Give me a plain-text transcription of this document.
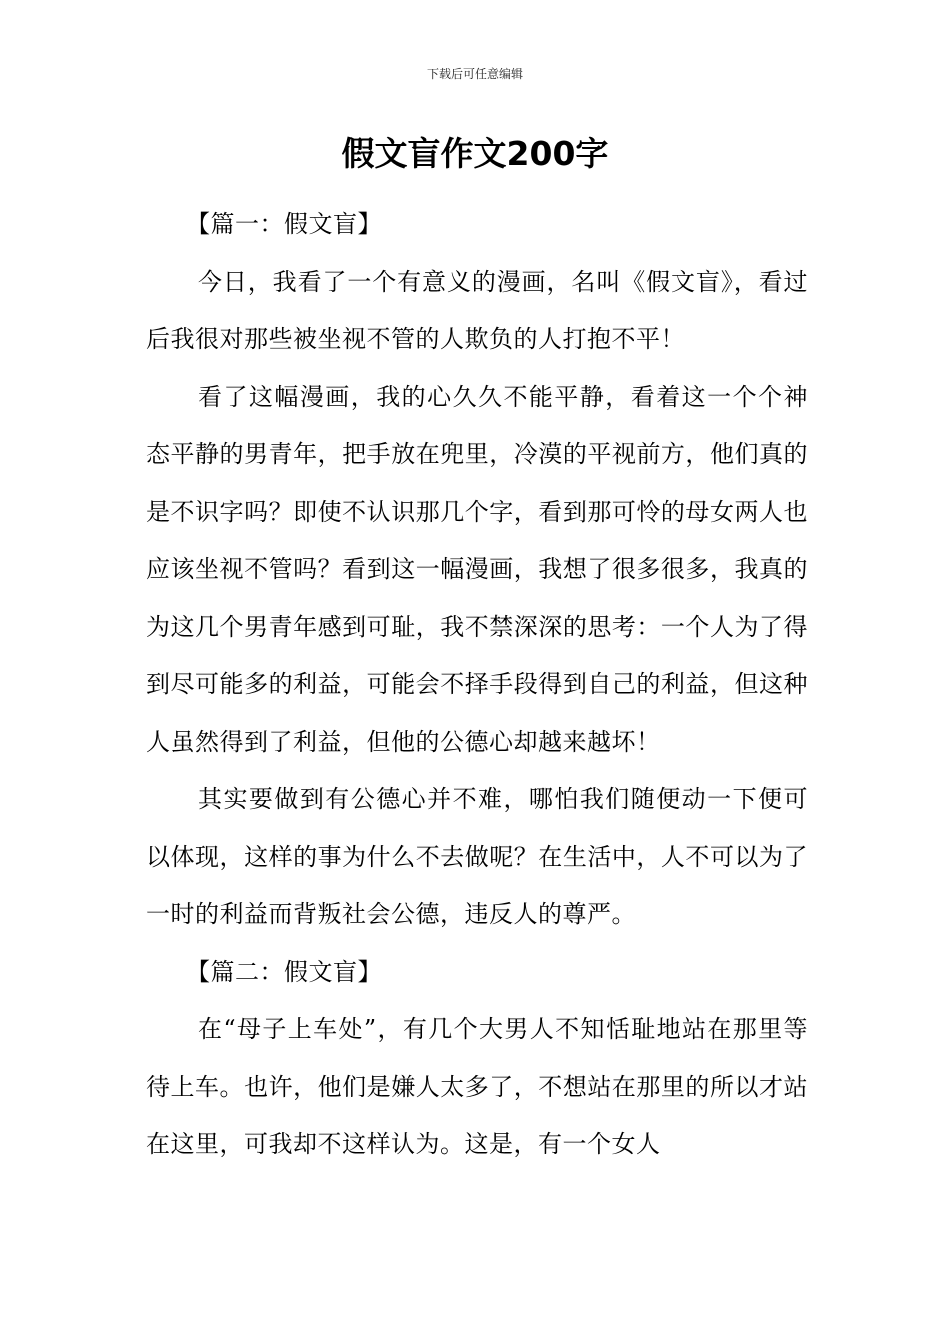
下载后可任意编辑
假文盲作文200字

【篇一：假文盲】

今日，我看了一个有意义的漫画，名叫《假文盲》，看过后我很对那些被坐视不管的人欺负的人打抱不平！

看了这幅漫画，我的心久久不能平静，看着这一个个神态平静的男青年，把手放在兜里，冷漠的平视前方，他们真的是不识字吗？即使不认识那几个字，看到那可怜的母女两人也应该坐视不管吗？看到这一幅漫画，我想了很多很多，我真的为这几个男青年感到可耻，我不禁深深的思考：一个人为了得到尽可能多的利益，可能会不择手段得到自己的利益，但这种人虽然得到了利益，但他的公德心却越来越坏！

其实要做到有公德心并不难，哪怕我们随便动一下便可以体现，这样的事为什么不去做呢？在生活中，人不可以为了一时的利益而背叛社会公德，违反人的尊严。

【篇二：假文盲】

在“母子上车处”，有几个大男人不知恬耻地站在那里等待上车。也许，他们是嫌人太多了，不想站在那里的所以才站在这里，可我却不这样认为。这是，有一个女人
